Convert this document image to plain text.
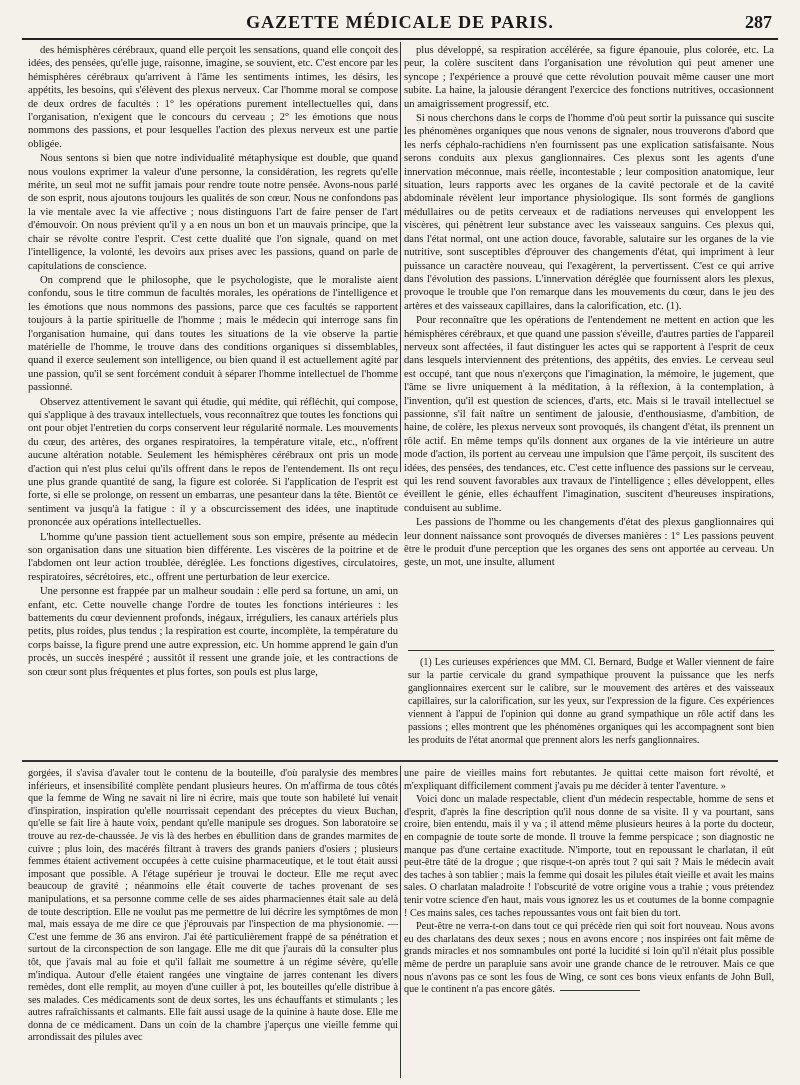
GAZETTE MÉDICALE DE PARIS.	287

des hémisphères cérébraux, quand elle perçoit les sensations, quand elle conçoit des idées, des pensées, qu'elle juge, raisonne, imagine, se souvient, etc. C'est encore par les hémisphères cérébraux qu'arrivent à l'âme les sentiments intimes, les désirs, les appétits, les besoins, qui s'élèvent des plexus nerveux. Car l'homme moral se compose de deux ordres de facultés : 1° les opérations purement intellectuelles qui, dans l'organisation, n'exigent que le concours du cerveau ; 2° les émotions que nous nommons des passions, et pour lesquelles l'action des plexus nerveux est une partie obligée.

Nous sentons si bien que notre individualité métaphysique est double, que quand nous voulons exprimer la valeur d'une personne, la considération, les regrets qu'elle mérite, un seul mot ne suffit jamais pour rendre toute notre pensée. Avons-nous parlé de son esprit, nous ajoutons toujours les qualités de son cœur. Nous ne confondons pas la vie mentale avec la vie affective ; nous distinguons l'art de faire penser de l'art d'émouvoir. On nous prévient qu'il y a en nous un bon et un mauvais principe, que la chair se révolte contre l'esprit. C'est cette dualité que l'on signale, quand on met l'intelligence, la volonté, les devoirs aux prises avec les passions, quand on parle de capitulations de conscience.

On comprend que le philosophe, que le psychologiste, que le moraliste aient confondu, sous le titre commun de facultés morales, les opérations de l'intelligence et les émotions que nous nommons des passions, parce que ces facultés se rapportent toujours à la partie spirituelle de l'homme ; mais le médecin qui interroge sans fin l'organisation humaine, qui dans toutes les situations de la vie observe la partie matérielle de l'homme, le trouve dans des conditions organiques si dissemblables, quand il exerce seulement son intelligence, ou bien quand il est actuellement agité par une passion, qu'il se sent forcément conduit à séparer l'homme intellectuel de l'homme passionné.

Observez attentivement le savant qui étudie, qui médite, qui réfléchit, qui compose, qui s'applique à des travaux intellectuels, vous reconnaîtrez que toutes les fonctions qui ont pour objet l'entretien du corps conservent leur régularité normale. Les mouvements du cœur, des artères, des organes respiratoires, la température vitale, etc., n'offrent aucune altération notable. Seulement les hémisphères cérébraux ont pris un mode d'action qui n'est plus celui qu'ils offrent dans le repos de l'entendement. Ils ont reçu une plus grande quantité de sang, la figure est colorée. Si l'application de l'esprit est forte, si elle se prolonge, on ressent un embarras, une pesanteur dans la tête. Bientôt ce sentiment va jusqu'à la fatigue : il y a obscurcissement des idées, une inaptitude prononcée aux opérations intellectuelles.

L'homme qu'une passion tient actuellement sous son empire, présente au médecin son organisation dans une situation bien différente. Les viscères de la poitrine et de l'abdomen ont leur action troublée, déréglée. Les fonctions digestives, circulatoires, respiratoires, sécrétoires, etc., offrent une perturbation de leur exercice.

Une personne est frappée par un malheur soudain : elle perd sa fortune, un ami, un enfant, etc. Cette nouvelle change l'ordre de toutes les fonctions intérieures : les battements du cœur deviennent profonds, inégaux, irréguliers, les canaux artériels plus petits, plus roides, plus tendus ; la respiration est courte, incomplète, la température du corps baisse, la figure prend une autre expression, etc. Un homme apprend le gain d'un procès, un succès inespéré ; aussitôt il ressent une grande joie, et les contractions de son cœur sont plus fréquentes et plus fortes, son pouls est plus large,

plus développé, sa respiration accélérée, sa figure épanouie, plus colorée, etc. La peur, la colère suscitent dans l'organisation une révolution qui peut amener une syncope ; l'expérience a prouvé que cette révolution pouvait même causer une mort subite. La haine, la jalousie dérangent l'exercice des fonctions nutritives, occasionnent un amaigrissement progressif, etc.

Si nous cherchons dans le corps de l'homme d'où peut sortir la puissance qui suscite les phénomènes organiques que nous venons de signaler, nous trouverons d'abord que les nerfs céphalo-rachidiens n'en fournissent pas une explication satisfaisante. Nous serons conduits aux plexus ganglionnaires. Ces plexus sont les agents d'une innervation méconnue, mais réelle, incontestable ; leur composition anatomique, leur situation, leurs rapports avec les organes de la cavité pectorale et de la cavité abdominale révèlent leur importance physiologique. Ils sont formés de ganglions médullaires ou de petits cerveaux et de radiations nerveuses qui enveloppent les viscères, qui pénètrent leur substance avec les vaisseaux sanguins. Ces plexus qui, dans l'état normal, ont une action douce, favorable, salutaire sur les organes de la vie nutritive, sont susceptibles d'éprouver des changements d'état, qui impriment à leur puissance un caractère nouveau, qui l'exagèrent, la pervertissent. C'est ce qui arrive dans l'évolution des passions. L'innervation déréglée que fournissent alors les plexus, provoque le trouble que l'on remarque dans les mouvements du cœur, dans le jeu des artères et des vaisseaux capillaires, dans la calorification, etc. (1).

Pour reconnaître que les opérations de l'entendement ne mettent en action que les hémisphères cérébraux, et que quand une passion s'éveille, d'autres parties de l'appareil nerveux sont affectées, il faut distinguer les actes qui se rapportent à l'esprit de ceux dans lesquels interviennent des prétentions, des appétits, des envies. Le cerveau seul est occupé, tant que nous n'exerçons que l'imagination, la mémoire, le jugement, que l'âme se livre uniquement à la méditation, à la réflexion, à la contemplation, à l'invention, qu'il est question de sciences, d'arts, etc. Mais si le travail intellectuel se passionne, s'il fait naître un sentiment de jalousie, d'enthousiasme, d'ambition, de haine, de colère, les plexus nerveux sont provoqués, ils changent d'état, ils prennent un rôle actif. En même temps qu'ils donnent aux organes de la vie intérieure un autre mode d'action, ils portent au cerveau une impulsion que l'âme perçoit, ils suscitent des idées, des pensées, des tendances, etc. C'est cette influence des passions sur le cerveau, qui les rend souvent favorables aux travaux de l'intelligence ; elles développent, elles éveillent le génie, elles échauffent l'imagination, suscitent d'heureuses inspirations, conduisent au sublime.

Les passions de l'homme ou les changements d'état des plexus ganglionnaires qui leur donnent naissance sont provoqués de diverses manières : 1° Les passions peuvent être le produit d'une perception que les organes des sens ont apportée au cerveau. Un geste, un mot, une insulte, allument

(1) Les curieuses expériences que MM. Cl. Bernard, Budge et Waller viennent de faire sur la partie cervicale du grand sympathique prouvent la puissance que les nerfs ganglionnaires exercent sur le calibre, sur le mouvement des artères et des vaisseaux capillaires, sur la calorification, sur les yeux, sur l'expression de la figure. Ces expériences viennent à l'appui de l'opinion qui donne au grand sympathique un rôle actif dans les passions ; elles montrent que les phénomènes organiques qui les accompagnent sont bien les produits de l'état anormal que prennent alors les nerfs ganglionnaires.

gorgées, il s'avisa d'avaler tout le contenu de la bouteille, d'où paralysie des membres inférieurs, et insensibilité complète pendant plusieurs heures. On m'affirma de tous côtés que la femme de Wing ne savait ni lire ni écrire, mais que toute son habileté lui venait d'inspiration, inspiration qu'elle nourrissait cependant des préceptes du vieux Buchan, qu'elle se fait lire à haute voix, pendant qu'elle manipule ses drogues. Son laboratoire se trouve au rez-de-chaussée. Je vis là des herbes en ébullition dans de grandes marmites de cuivre ; plus loin, des macérés filtrant à travers des grands paniers d'osiers ; plusieurs femmes étaient activement occupées à cette cuisine pharmaceutique, et le tout était aussi imposant que possible. A l'étage supérieur je trouvai le docteur. Elle me reçut avec beaucoup de gravité ; néanmoins elle était couverte de taches provenant de ses manipulations, et sa personne comme celle de ses aides pharmaciennes était sale au delà de toute description. Elle ne voulut pas me permettre de lui décrire les symptômes de mon mal, mais essaya de me dire ce que j'éprouvais par l'inspection de ma physionomie. — C'est une femme de 36 ans environ. J'ai été particulièrement frappé de sa pénétration et surtout de la circonspection de son langage. Elle me dit que j'aurais dû la consulter plus tôt, que j'avais mal au foie et qu'il fallait me soumettre à un régime sévère, qu'elle m'indiqua. Autour d'elle étaient rangées une vingtaine de jarres contenant les divers remèdes, dont elle remplit, au moyen d'une cuiller à pot, les bouteilles qu'elle distribue à ses malades. Ces médicaments sont de deux sortes, les uns échauffants et stimulants ; les autres rafraîchissants et calmants. Elle fait aussi usage de la quinine à haute dose. Elle me donna de ce médicament. Dans un coin de la chambre j'aperçus une vieille femme qui arrondissait des pilules avec

une paire de vieilles mains fort rebutantes. Je quittai cette maison fort révolté, et m'expliquant difficilement comment j'avais pu me décider à tenter l'aventure. »

Voici donc un malade respectable, client d'un médecin respectable, homme de sens et d'esprit, d'après la fine description qu'il nous donne de sa visite. Il y va pourtant, sans croire, bien entendu, mais il y va ; il attend même plusieurs heures à la porte du docteur, en compagnie de toute sorte de monde. Il trouve la femme perspicace ; son diagnostic ne manque pas d'une certaine exactitude. N'importe, tout en repoussant le charlatan, il eût peut-être tâté de la drogue ; que risque-t-on après tout ? qui sait ? Mais le médecin avait des taches à son tablier ; mais la femme qui dosait les pilules était vieille et avait les mains sales. O charlatan maladroite ! l'obscurité de votre origine vous a trahie ; vous prétendez tenir votre science d'en haut, mais vous ignorez les us et coutumes de la bonne compagnie ! Ces mains sales, ces taches repoussantes vous ont fait bien du tort.

Peut-être ne verra-t-on dans tout ce qui précède rien qui soit fort nouveau. Nous avons eu des charlatans des deux sexes ; nous en avons encore ; nos inspirées ont fait même de grands miracles et nos somnambules ont porté la lucidité si loin qu'il n'était plus possible même de perdre un parapluie sans avoir une grande chance de le retrouver. Mais ce que nous n'avons pas ce sont les fous de Wing, ce sont ces bons vieux enfants de John Bull, que le continent n'a pas encore gâtés.
